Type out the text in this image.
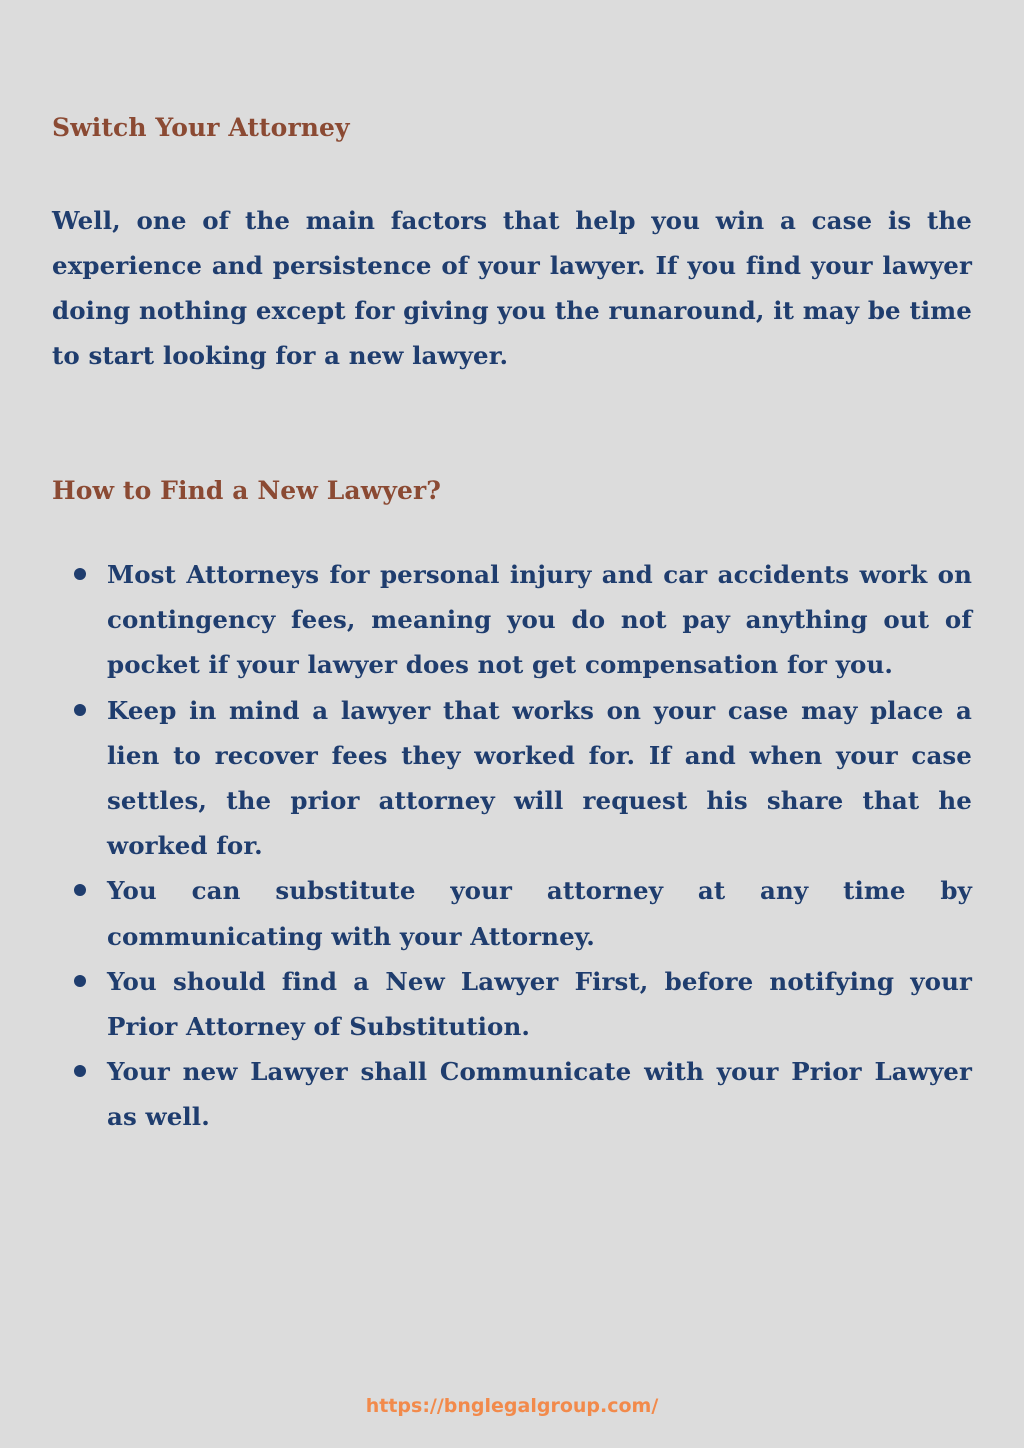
Switch Your Attorney

Well, one of the main factors that help you win a case is the experience and persistence of your lawyer. If you find your lawyer doing nothing except for giving you the runaround, it may be time to start looking for a new lawyer.

How to Find a New Lawyer?
Most Attorneys for personal injury and car accidents work on contingency fees, meaning you do not pay anything out of pocket if your lawyer does not get compensation for you.
Keep in mind a lawyer that works on your case may place a lien to recover fees they worked for. If and when your case settles, the prior attorney will request his share that he worked for.
You can substitute your attorney at any time by communicating with your Attorney.
You should find a New Lawyer First, before notifying your Prior Attorney of Substitution.
Your new Lawyer shall Communicate with your Prior Lawyer as well.
https://bnglegalgroup.com/
